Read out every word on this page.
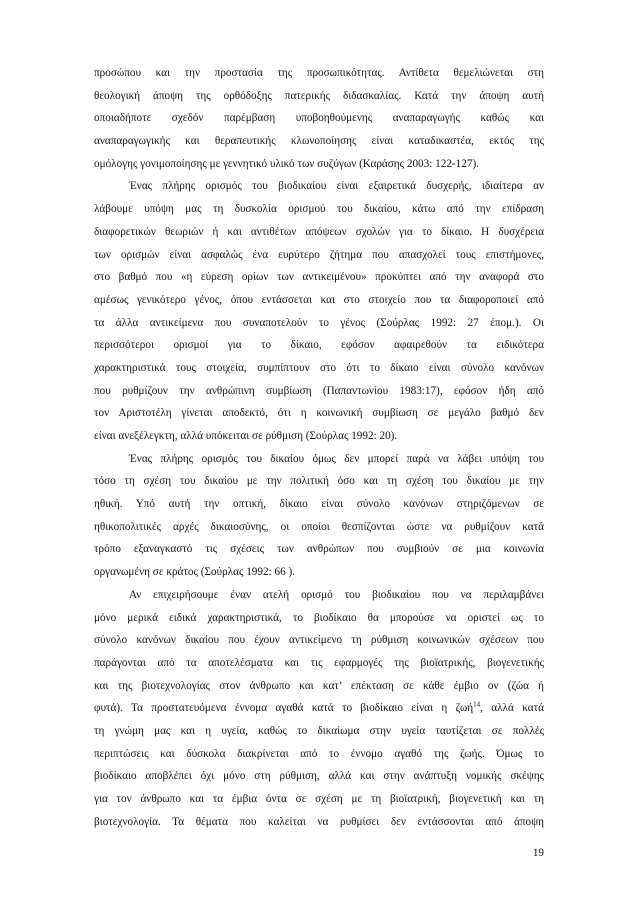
προσώπου και την προστασία της προσωπικότητας. Αντίθετα θεμελιώνεται στη
θεολογική άποψη της ορθόδοξης πατερικής διδασκαλίας. Κατά την άποψη αυτή
οποιαδήποτε σχεδόν παρέμβαση υποβοηθούμενης αναπαραγωγής καθώς και
αναπαραγωγικής και θεραπευτικής κλωνοποίησης είναι καταδικαστέα, εκτός της
ομόλογης γονιμοποίησης με γεννητικό υλικό των συζύγων (Καράσης 2003: 122-127).
Ένας πλήρης ορισμός του βιοδικαίου είναι εξαιρετικά δυσχερής, ιδιαίτερα αν
λάβουμε υπόψη μας τη δυσκολία ορισμού του δικαίου, κάτω από την επίδραση
διαφορετικών θεωριών ή και αντιθέτων απόψεων σχολών για το δίκαιο. Η δυσχέρεια
των ορισμών είναι ασφαλώς ένα ευρύτερο ζήτημα που απασχολεί τους επιστήμονες,
στο βαθμό που «η εύρεση ορίων των αντικειμένου» προκύπτει από την αναφορά στο
αμέσως γενικότερο γένος, όπου εντάσσεται και στο στοιχείο που τα διαφοροποιεί από
τα άλλα αντικείμενα που συναποτελούν το γένος (Σούρλας 1992: 27 έπομ.). Οι
περισσότεροι ορισμοί για το δίκαιο, εφόσον αφαιρεθούν τα ειδικότερα
χαρακτηριστικά τους στοιχεία, συμπίπτουν στο ότι το δίκαιο είναι σύνολο κανόνων
που ρυθμίζουν την ανθρώπινη συμβίωση (Παπαντωνίου 1983:17), εφόσον ήδη από
τον Αριστοτέλη γίνεται αποδεκτό, ότι η κοινωνική συμβίωση σε μεγάλο βαθμό δεν
είναι ανεξέλεγκτη, αλλά υπόκειται σε ρύθμιση (Σούρλας 1992: 20).
Ένας πλήρης ορισμός του δικαίου όμως δεν μπορεί παρά να λάβει υπόψη του
τόσο τη σχέση του δικαίου με την πολιτική όσο και τη σχέση του δικαίου με την
ηθική. Υπό αυτή την οπτική, δίκαιο είναι σύνολο κανόνων στηριζόμενων σε
ηθικοπολιτικές αρχές δικαιοσύνης, οι οποίοι θεσπίζονται ώστε να ρυθμίζουν κατά
τρόπο εξαναγκαστό τις σχέσεις των ανθρώπων που συμβιούν σε μια κοινωνία
οργανωμένη σε κράτος (Σούρλας 1992: 66 ).
Αν επιχειρήσουμε έναν ατελή ορισμό του βιοδικαίου που να περιλαμβάνει
μόνο μερικά ειδικά χαρακτηριστικά, το βιοδίκαιο θα μπορούσε να οριστεί ως το
σύνολο κανόνων δικαίου που έχουν αντικείμενο τη ρύθμιση κοινωνικών σχέσεων που
παράγονται από τα αποτελέσματα και τις εφαρμογές της βιοϊατρικής, βιογενετικής
και της βιοτεχνολογίας στον άνθρωπο και κατ’ επέκταση σε κάθε έμβιο ον (ζώα ή
φυτά). Τα προστατευόμενα έννομα αγαθά κατά το βιοδίκαιο είναι η ζωή$^{14}$, αλλά κατά
τη γνώμη μας και η υγεία, καθώς το δικαίωμα στην υγεία ταυτίζεται σε πολλές
περιπτώσεις και δύσκολα διακρίνεται από το έννομο αγαθό της ζωής. Όμως το
βιοδίκαιο αποβλέπει όχι μόνο στη ρύθμιση, αλλά και στην ανάπτυξη νομικής σκέψης
για τον άνθρωπο και τα έμβια όντα σε σχέση με τη βιοϊατρική, βιογενετική και τη
βιοτεχνολογία. Τα θέματα που καλείται να ρυθμίσει δεν εντάσσονται από άποψη
19
